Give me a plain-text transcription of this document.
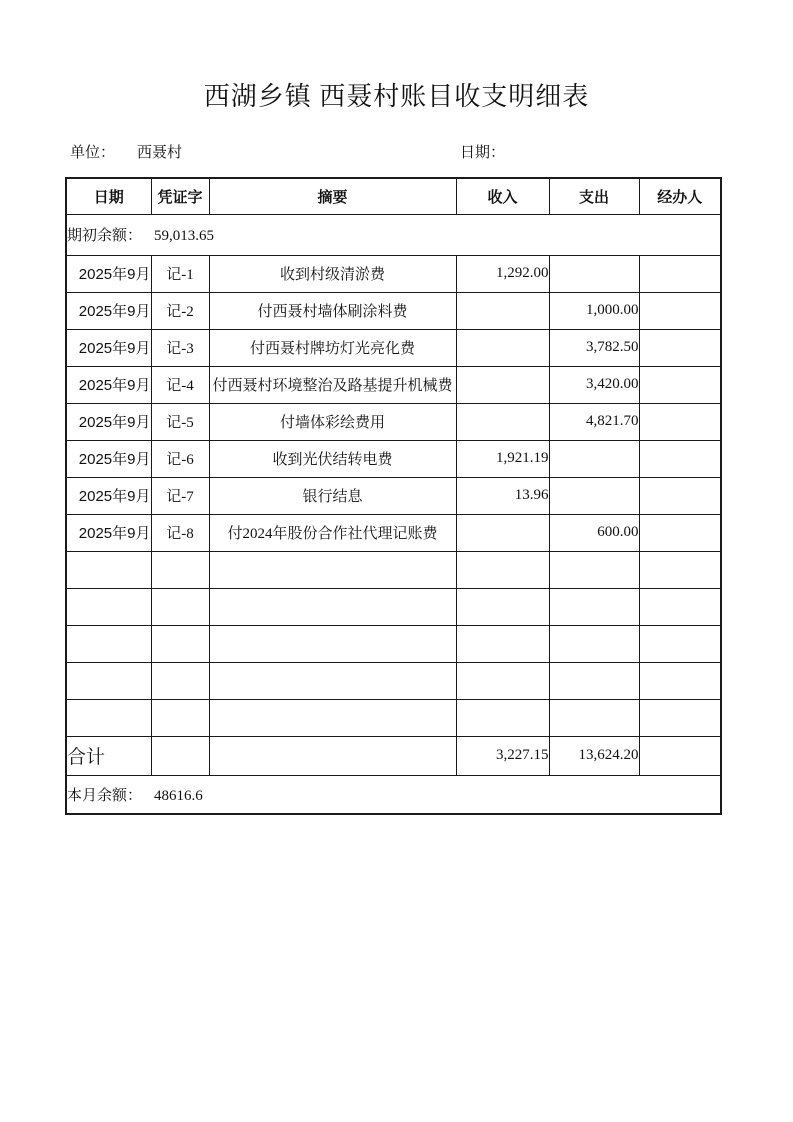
西湖乡镇 西聂村账目收支明细表
单位： 西聂村	日期：
日期	凭证字	摘要	收入	支出	经办人
期初余额： 59,013.65					
2025年9月	记-1	收到村级清淤费	1,292.00		
2025年9月	记-2	付西聂村墙体刷涂料费		1,000.00	
2025年9月	记-3	付西聂村牌坊灯光亮化费		3,782.50	
2025年9月	记-4	付西聂村环境整治及路基提升机械费		3,420.00	
2025年9月	记-5	付墙体彩绘费用		4,821.70	
2025年9月	记-6	收到光伏结转电费	1,921.19		
2025年9月	记-7	银行结息	13.96		
2025年9月	记-8	付2024年股份合作社代理记账费		600.00	

合计			3,227.15	13,624.20	
本月余额： 48616.6					
